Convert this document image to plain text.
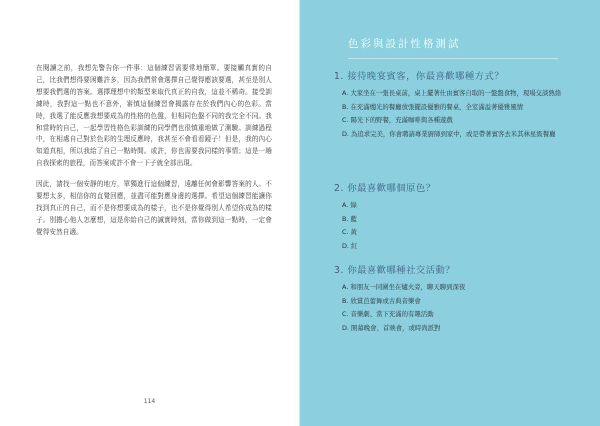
在閱讀之前，我想先警告你一件事：這個練習需要常地簡單。要接觸真實的自己，比我們想得要困難許多，因為我們常會選擇自己覺得應該要選，甚至是別人想要我們選的答案。選擇理想中的類型來取代真正的自我，這並不稀奇。接受訓練時，我對這一點也不意外，審慎這個練習會揭露存在於我們內心的色彩。當時，我選了能反應我想要成為的性格的色盤，但相同色盤不同的我完全不同。我和當時的自己，一起學習性格色彩訓練的同學們也很慎重地做了測驗。訓練過程中，在相處自己對於色彩的生理反應時，我甚至不會看看鏡子！但是，我的內心知道真相，所以我給了自己一點時間。或許，你也需要我同樣的事情；這是一趟自我探索的旅程，而答案或許不會一下子就全部出現。

因此，請找一個安靜的地方，單獨進行這個練習，遠離任何會影響答案的人。不要想太多，相信你的直覺回應，並盡可能對應身邊的選擇。希望這個練習能讓你找到真正的自己，而不是你想要成為的樣子，也不是你覺得別人希望你成為的樣子。別擔心他人怎麼想，這是你給自己的誠實時刻，當你做到這一點時，一定會覺得安然自適。

114
色彩與設計性格測試
1. 接待晚宴賓客，你最喜歡哪種方式？
A. 大家坐在一張長桌前，桌上擺著仕由賓客自取的一盤盤食物，現場交談熱絡
B. 在充滿燭光的餐廳放張擺設優雅的餐桌，全室滿溢著優雅風情
C. 陽光下的野餐，充滿咖啡與各種遊戲
D. 為追求完美，你會聘請專業廚師到家中，或是帶著賓客去米其林星級餐廳
2. 你最喜歡哪個原色？
A. 綠
B. 藍
C. 黃
D. 紅
3. 你最喜歡哪種社交活動？
A. 和朋友一同圍坐在爐火旁，聊天聊到深夜
B. 欣賞芭蕾舞或古典音樂會
C. 音樂劇、當下充滿的有趣活動
D. 開幕晚會、首映會，或時尚派對
